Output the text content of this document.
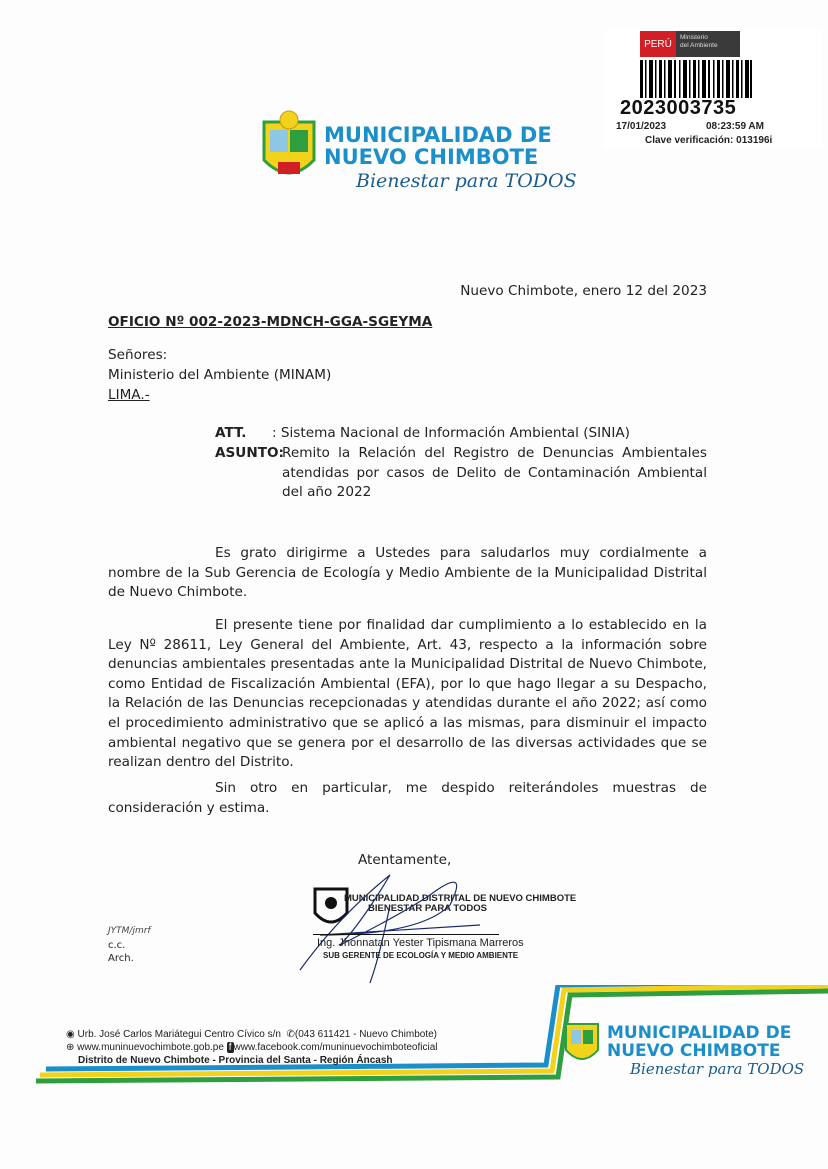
PERÚ
Ministerio
del Ambiente
2023003735
17/01/2023	08:23:59 AM
Clave verificación: 013196i
MUNICIPALIDAD DE
NUEVO CHIMBOTE
Bienestar para TODOS
Nuevo Chimbote, enero 12 del 2023
OFICIO Nº 002-2023-MDNCH-GGA-SGEYMA
Señores:
Ministerio del Ambiente (MINAM)
LIMA.-
ATT. : Sistema Nacional de Información Ambiental (SINIA)
ASUNTO:
Remito la Relación del Registro de Denuncias Ambientales atendidas por casos de Delito de Contaminación Ambiental del año 2022
Es grato dirigirme a Ustedes para saludarlos muy cordialmente a nombre de la Sub Gerencia de Ecología y Medio Ambiente de la Municipalidad Distrital de Nuevo Chimbote.
El presente tiene por finalidad dar cumplimiento a lo establecido en la Ley Nº 28611, Ley General del Ambiente, Art. 43, respecto a la información sobre denuncias ambientales presentadas ante la Municipalidad Distrital de Nuevo Chimbote, como Entidad de Fiscalización Ambiental (EFA), por lo que hago llegar a su Despacho, la Relación de las Denuncias recepcionadas y atendidas durante el año 2022; así como el procedimiento administrativo que se aplicó a las mismas, para disminuir el impacto ambiental negativo que se genera por el desarrollo de las diversas actividades que se realizan dentro del Distrito.
Sin otro en particular, me despido reiterándoles muestras de consideración y estima.
Atentamente,
MUNICIPALIDAD DISTRITAL DE NUEVO CHIMBOTE
BIENESTAR PARA TODOS
Ing. Jhonnatan Yester Tipismana Marreros
SUB GERENTE DE ECOLOGÍA Y MEDIO AMBIENTE
JYTM/jmrf
c.c.
Arch.
◉ Urb. José Carlos Mariátegui Centro Cívico s/n ✆(043 611421 - Nuevo Chimbote)
⊕ www.muninuevochimbote.gob.pe f www.facebook.com/muninuevochimboteoficial
Distrito de Nuevo Chimbote - Provincia del Santa - Región Áncash
MUNICIPALIDAD DE
NUEVO CHIMBOTE
Bienestar para TODOS
